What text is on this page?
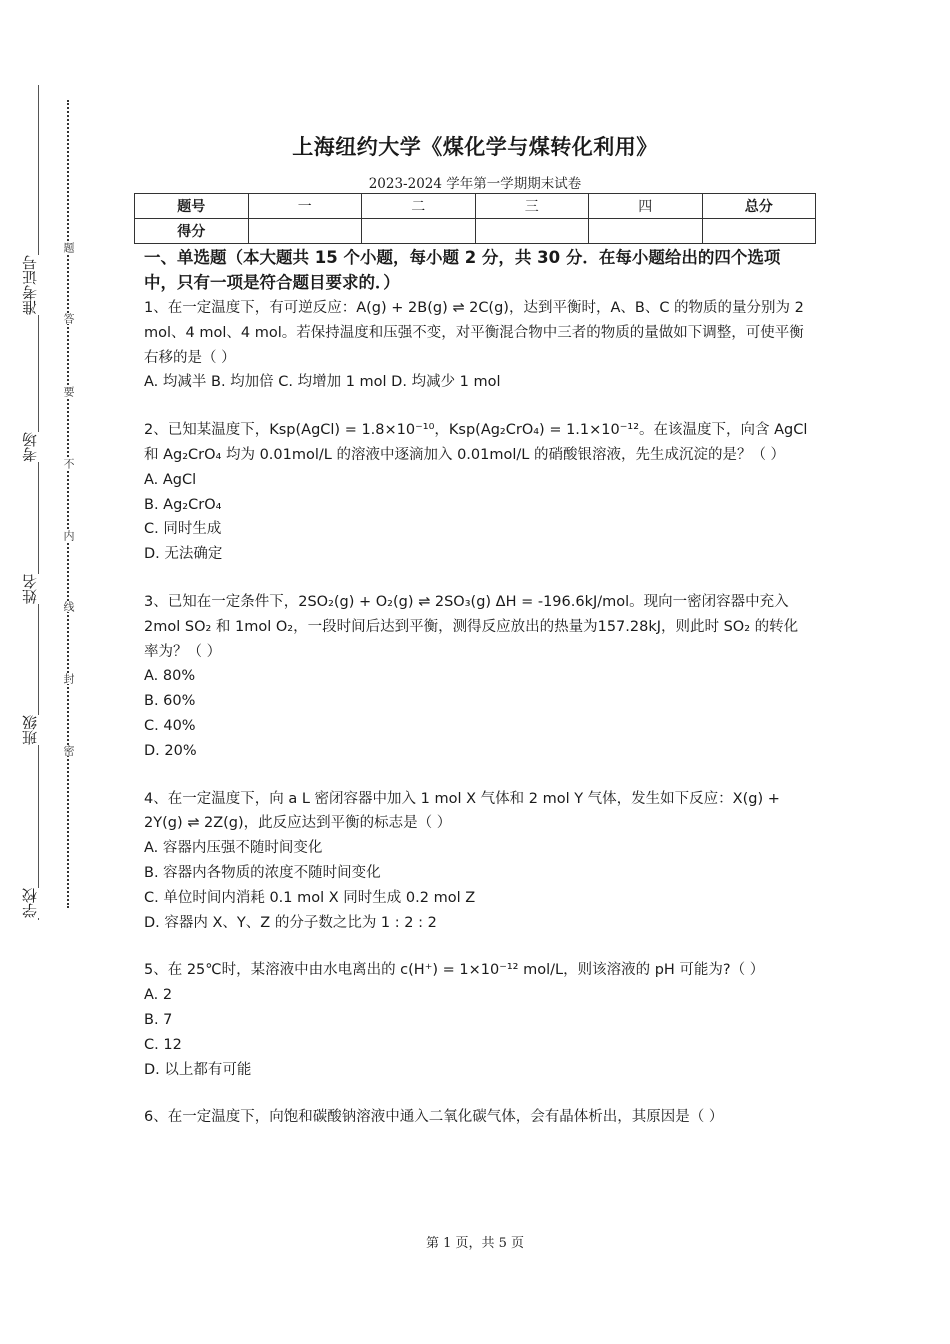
准考证号
考场
姓名
班级
学校
题
答
要
不
内
线
封
密
上海纽约大学《煤化学与煤转化利用》
2023-2024 学年第一学期期末试卷
题号	一	二	三	四	总分
得分					
一、单选题（本大题共 15 个小题，每小题 2 分，共 30 分．在每小题给出的四个选项中，只有一项是符合题目要求的．）

1、在一定温度下，有可逆反应：A(g) + 2B(g) ⇌ 2C(g)，达到平衡时，A、B、C 的物质的量分别为 2 mol、4 mol、4 mol。若保持温度和压强不变，对平衡混合物中三者的物质的量做如下调整，可使平衡右移的是（ ）

A. 均减半 B. 均加倍 C. 均增加 1 mol D. 均减少 1 mol

2、已知某温度下，Ksp(AgCl) = 1.8×10⁻¹⁰，Ksp(Ag₂CrO₄) = 1.1×10⁻¹²。在该温度下，向含 AgCl 和 Ag₂CrO₄ 均为 0.01mol/L 的溶液中逐滴加入 0.01mol/L 的硝酸银溶液，先生成沉淀的是？（ ）

A. AgCl

B. Ag₂CrO₄

C. 同时生成

D. 无法确定

3、已知在一定条件下，2SO₂(g) + O₂(g) ⇌ 2SO₃(g) ΔH = -196.6kJ/mol。现向一密闭容器中充入 2mol SO₂ 和 1mol O₂，一段时间后达到平衡，测得反应放出的热量为157.28kJ，则此时 SO₂ 的转化率为？（ ）

A. 80%

B. 60%

C. 40%

D. 20%

4、在一定温度下，向 a L 密闭容器中加入 1 mol X 气体和 2 mol Y 气体，发生如下反应：X(g) + 2Y(g) ⇌ 2Z(g)，此反应达到平衡的标志是（ ）

A. 容器内压强不随时间变化

B. 容器内各物质的浓度不随时间变化

C. 单位时间内消耗 0.1 mol X 同时生成 0.2 mol Z

D. 容器内 X、Y、Z 的分子数之比为 1 : 2 : 2

5、在 25℃时，某溶液中由水电离出的 c(H⁺) = 1×10⁻¹² mol/L，则该溶液的 pH 可能为?（ ）

A. 2

B. 7

C. 12

D. 以上都有可能

6、在一定温度下，向饱和碳酸钠溶液中通入二氧化碳气体，会有晶体析出，其原因是（ ）

第 1 页，共 5 页
